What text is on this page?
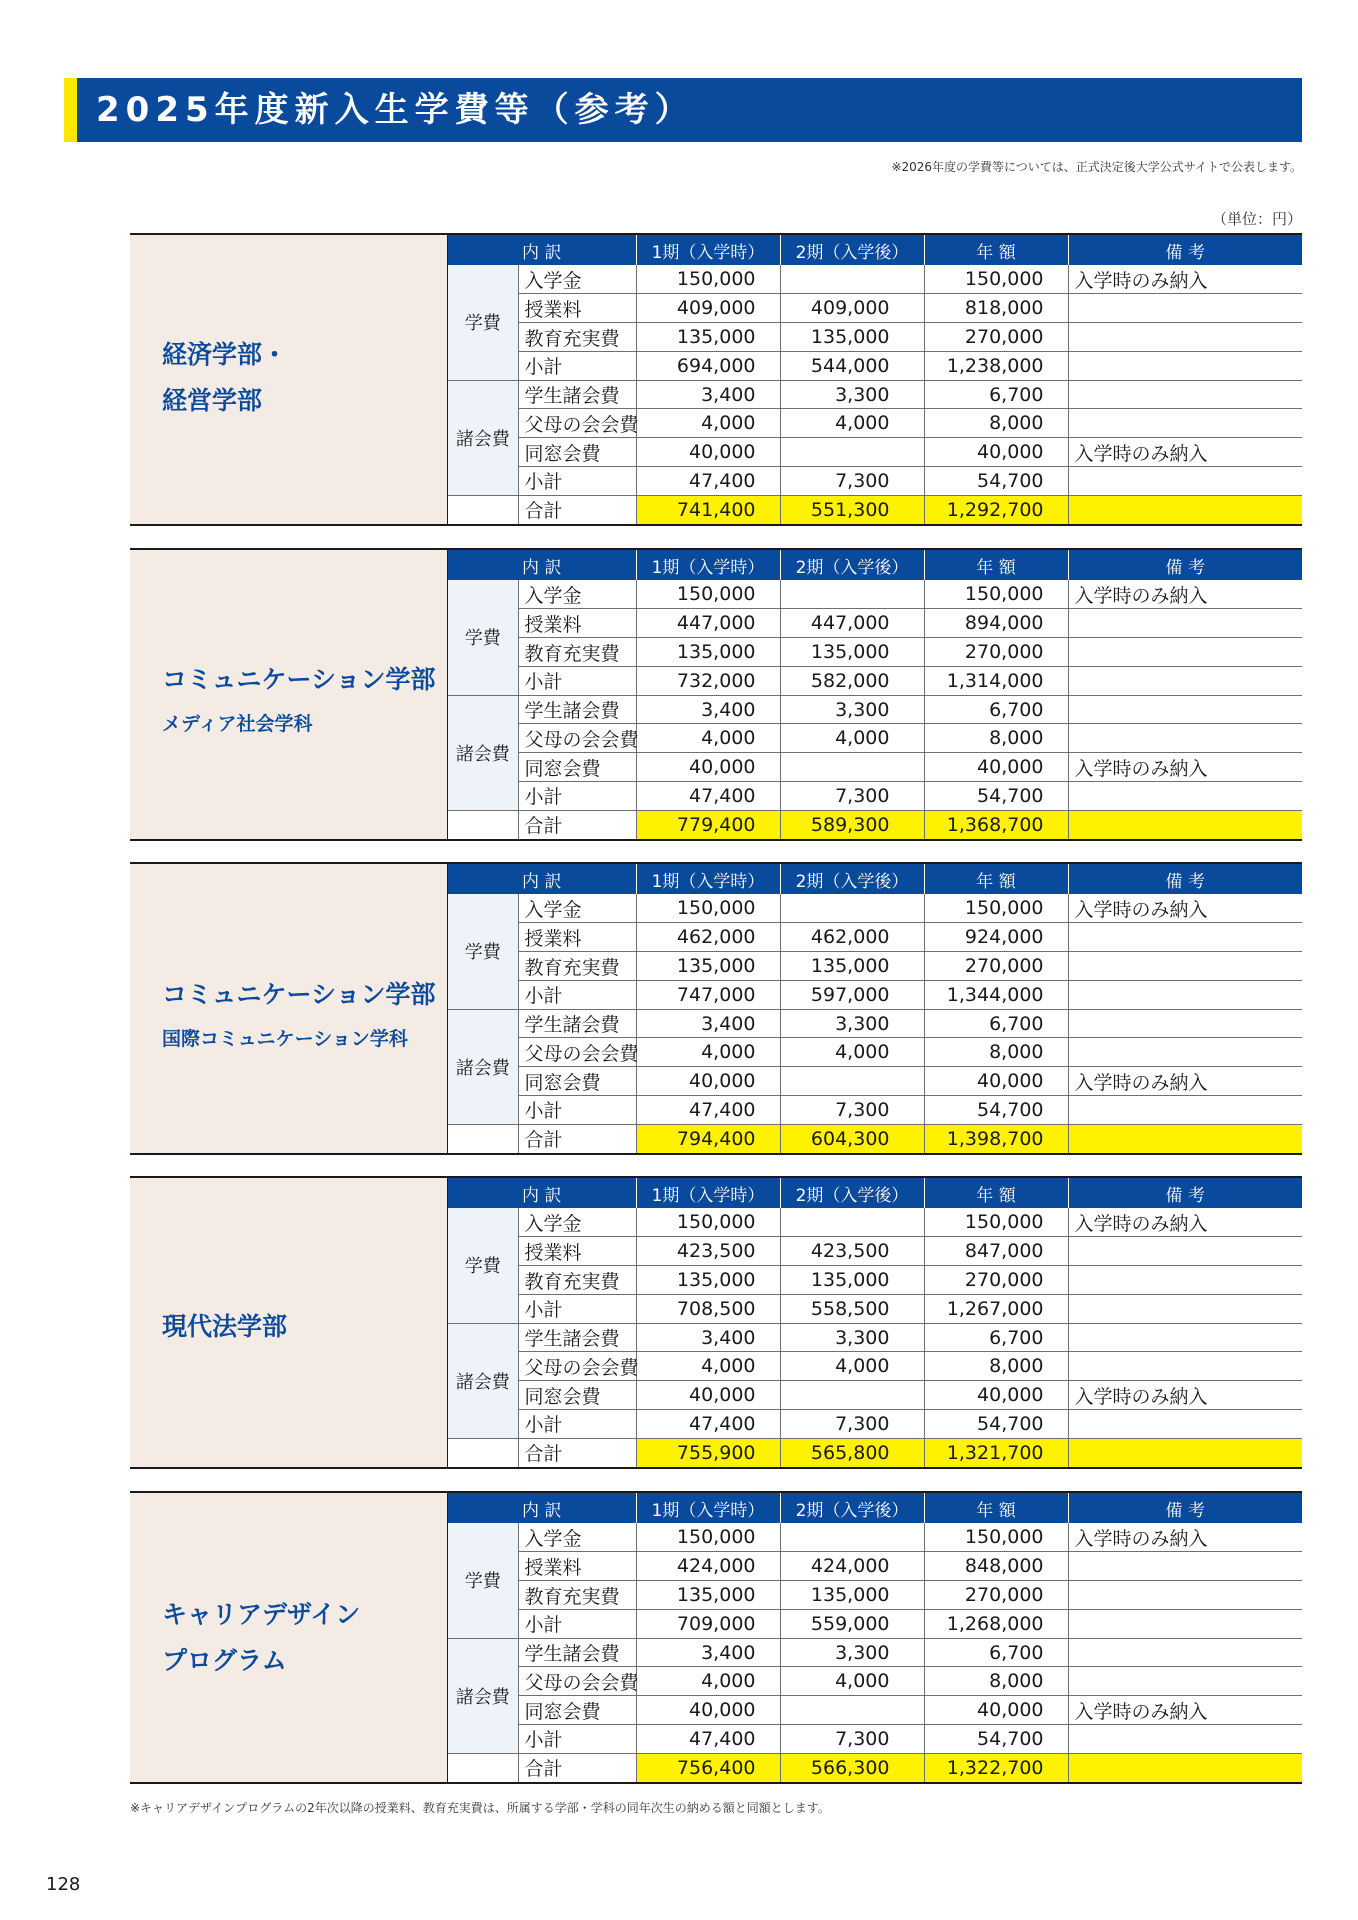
2025年度新入生学費等（参考）
※2026年度の学費等については、正式決定後大学公式サイトで公表します。
（単位：円）
経済学部・
経営学部
内 訳		1期（入学時）	2期（入学後）	年 額	備 考
学費	入学金	150,000		150,000	入学時のみ納入
	授業料	409,000	409,000	818,000	
	教育充実費	135,000	135,000	270,000	
	小計	694,000	544,000	1,238,000	
諸会費	学生諸会費	3,400	3,300	6,700	
	父母の会会費	4,000	4,000	8,000	
	同窓会費	40,000		40,000	入学時のみ納入
	小計	47,400	7,300	54,700	
	合計	741,400	551,300	1,292,700	
コミュニケーション学部
メディア社会学科
内 訳		1期（入学時）	2期（入学後）	年 額	備 考
学費	入学金	150,000		150,000	入学時のみ納入
	授業料	447,000	447,000	894,000	
	教育充実費	135,000	135,000	270,000	
	小計	732,000	582,000	1,314,000	
諸会費	学生諸会費	3,400	3,300	6,700	
	父母の会会費	4,000	4,000	8,000	
	同窓会費	40,000		40,000	入学時のみ納入
	小計	47,400	7,300	54,700	
	合計	779,400	589,300	1,368,700	
コミュニケーション学部
国際コミュニケーション学科
内 訳		1期（入学時）	2期（入学後）	年 額	備 考
学費	入学金	150,000		150,000	入学時のみ納入
	授業料	462,000	462,000	924,000	
	教育充実費	135,000	135,000	270,000	
	小計	747,000	597,000	1,344,000	
諸会費	学生諸会費	3,400	3,300	6,700	
	父母の会会費	4,000	4,000	8,000	
	同窓会費	40,000		40,000	入学時のみ納入
	小計	47,400	7,300	54,700	
	合計	794,400	604,300	1,398,700	
現代法学部
内 訳		1期（入学時）	2期（入学後）	年 額	備 考
学費	入学金	150,000		150,000	入学時のみ納入
	授業料	423,500	423,500	847,000	
	教育充実費	135,000	135,000	270,000	
	小計	708,500	558,500	1,267,000	
諸会費	学生諸会費	3,400	3,300	6,700	
	父母の会会費	4,000	4,000	8,000	
	同窓会費	40,000		40,000	入学時のみ納入
	小計	47,400	7,300	54,700	
	合計	755,900	565,800	1,321,700	
キャリアデザイン
プログラム
内 訳		1期（入学時）	2期（入学後）	年 額	備 考
学費	入学金	150,000		150,000	入学時のみ納入
	授業料	424,000	424,000	848,000	
	教育充実費	135,000	135,000	270,000	
	小計	709,000	559,000	1,268,000	
諸会費	学生諸会費	3,400	3,300	6,700	
	父母の会会費	4,000	4,000	8,000	
	同窓会費	40,000		40,000	入学時のみ納入
	小計	47,400	7,300	54,700	
	合計	756,400	566,300	1,322,700	
※キャリアデザインプログラムの2年次以降の授業料、教育充実費は、所属する学部・学科の同年次生の納める額と同額とします。
128
